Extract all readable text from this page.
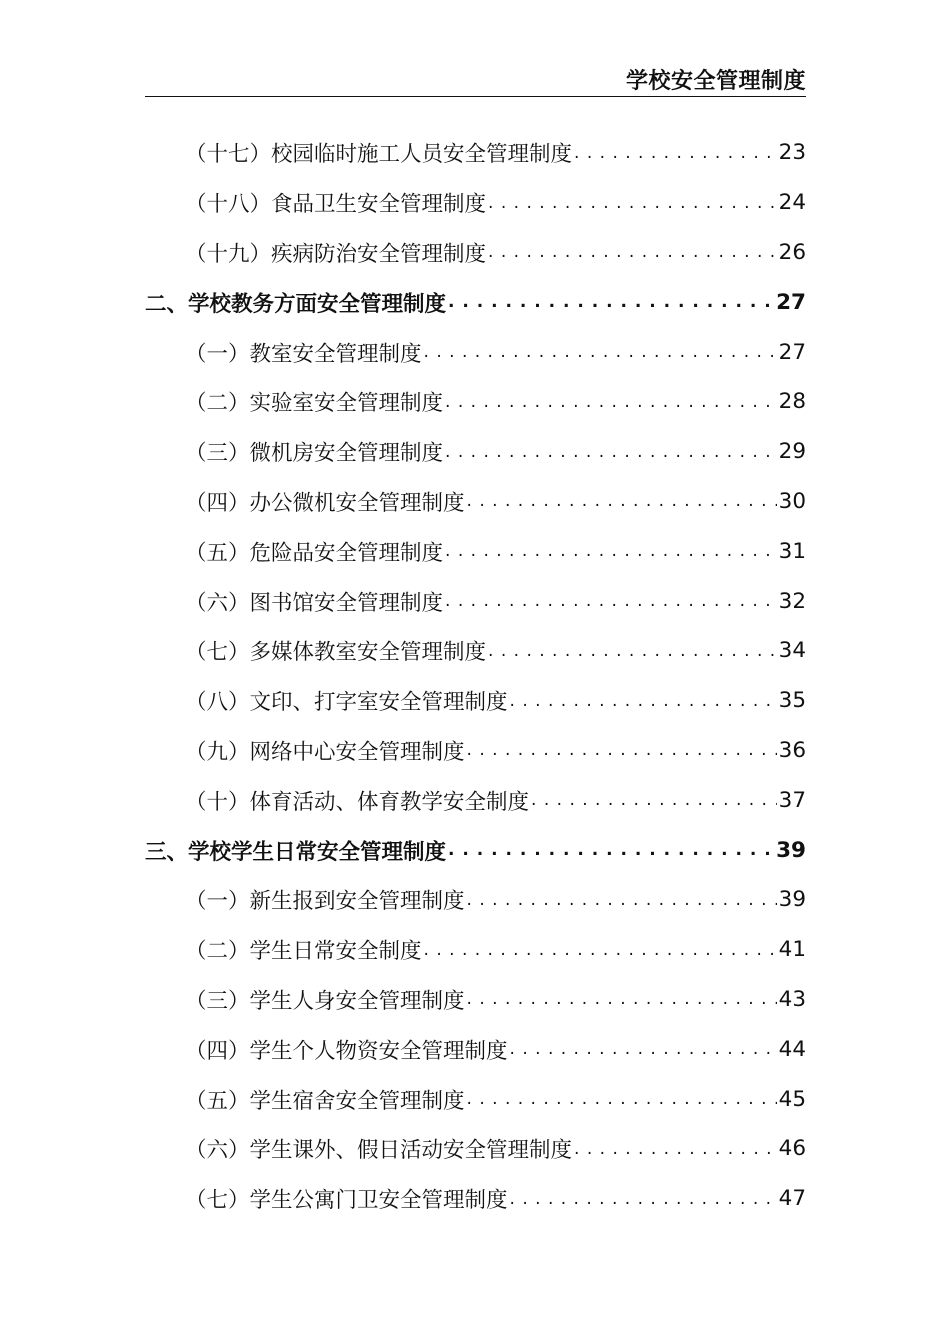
学校安全管理制度
（十七）校园临时施工人员安全管理制度 . . .	23
（十八）食品卫生安全管理制度 . . .	24
（十九）疾病防治安全管理制度 . . .	26
二、学校教务方面安全管理制度 . . .	27
（一）教室安全管理制度 . . .	27
（二）实验室安全管理制度 . . .	28
（三）微机房安全管理制度 . . .	29
（四）办公微机安全管理制度 . . .	30
（五）危险品安全管理制度 . . .	31
（六）图书馆安全管理制度 . . .	32
（七）多媒体教室安全管理制度 . . .	34
（八）文印、打字室安全管理制度 . . .	35
（九）网络中心安全管理制度 . . .	36
（十）体育活动、体育教学安全制度 . . .	37
三、学校学生日常安全管理制度 . . .	39
（一）新生报到安全管理制度 . . .	39
（二）学生日常安全制度 . . .	41
（三）学生人身安全管理制度 . . .	43
（四）学生个人物资安全管理制度 . . .	44
（五）学生宿舍安全管理制度 . . .	45
（六）学生课外、假日活动安全管理制度 . . .	46
（七）学生公寓门卫安全管理制度 . . .	47
